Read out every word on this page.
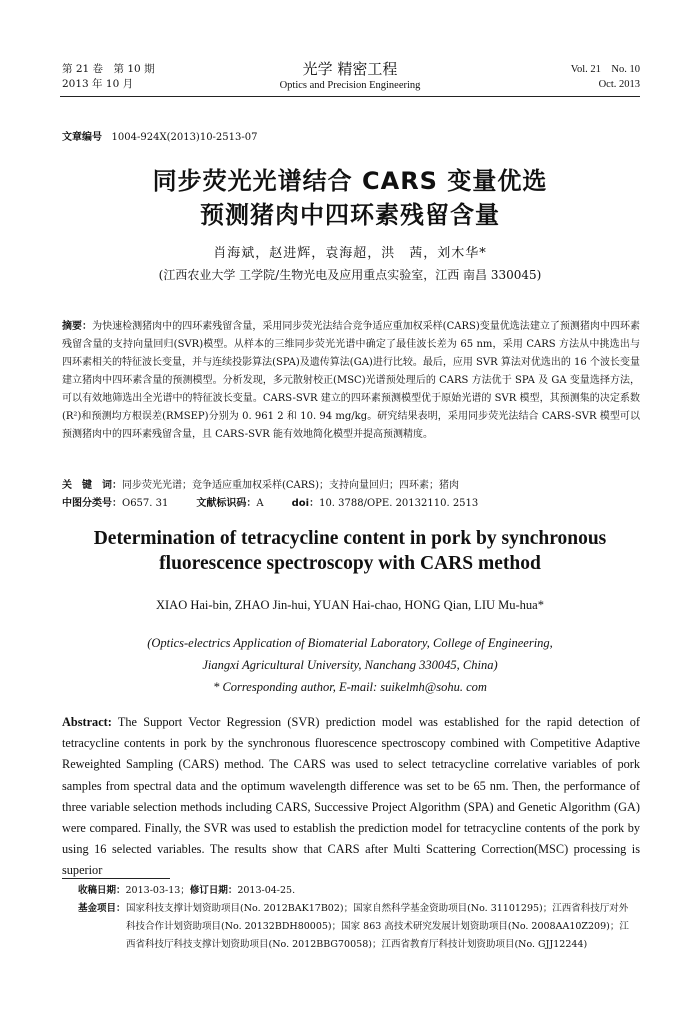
第 21 卷　第 10 期
2013 年 10 月
光学 精密工程
Optics and Precision Engineering
Vol. 21　No. 10
Oct. 2013
文章编号 1004-924X(2013)10-2513-07
同步荧光光谱结合 CARS 变量优选
预测猪肉中四环素残留含量
肖海斌，赵进辉，袁海超，洪　茜，刘木华*
(江西农业大学 工学院/生物光电及应用重点实验室，江西 南昌 330045)
摘要：为快速检测猪肉中的四环素残留含量，采用同步荧光法结合竞争适应重加权采样(CARS)变量优选法建立了预测猪肉中四环素残留含量的支持向量回归(SVR)模型。从样本的三维同步荧光光谱中确定了最佳波长差为 65 nm，采用 CARS 方法从中挑选出与四环素相关的特征波长变量，并与连续投影算法(SPA)及遗传算法(GA)进行比较。最后，应用 SVR 算法对优选出的 16 个波长变量建立猪肉中四环素含量的预测模型。分析发现，多元散射校正(MSC)光谱预处理后的 CARS 方法优于 SPA 及 GA 变量选择方法，可以有效地筛选出全光谱中的特征波长变量。CARS-SVR 建立的四环素预测模型优于原始光谱的 SVR 模型，其预测集的决定系数(R²)和预测均方根误差(RMSEP)分别为 0. 961 2 和 10. 94 mg/kg。研究结果表明，采用同步荧光法结合 CARS-SVR 模型可以预测猪肉中的四环素残留含量，且 CARS-SVR 能有效地简化模型并提高预测精度。
关　键　词：同步荧光光谱；竞争适应重加权采样(CARS)；支持向量回归；四环素；猪肉
中图分类号：O657. 31	文献标识码：A	doi：10. 3788/OPE. 20132110. 2513
Determination of tetracycline content in pork by synchronous
fluorescence spectroscopy with CARS method
XIAO Hai-bin, ZHAO Jin-hui, YUAN Hai-chao, HONG Qian, LIU Mu-hua*
(Optics-electrics Application of Biomaterial Laboratory, College of Engineering,
Jiangxi Agricultural University, Nanchang 330045, China)
* Corresponding author, E-mail: suikelmh@sohu. com
Abstract: The Support Vector Regression (SVR) prediction model was established for the rapid detection of tetracycline contents in pork by the synchronous fluorescence spectroscopy combined with Competitive Adaptive Reweighted Sampling (CARS) method. The CARS was used to select tetracycline correlative variables of pork samples from spectral data and the optimum wavelength difference was set to be 65 nm. Then, the performance of three variable selection methods including CARS, Successive Project Algorithm (SPA) and Genetic Algorithm (GA) were compared. Finally, the SVR was used to establish the prediction model for tetracycline contents of the pork by using 16 selected variables. The results show that CARS after Multi Scattering Correction(MSC) processing is superior
收稿日期：2013-03-13；修订日期：2013-04-25.
基金项目：国家科技支撑计划资助项目(No. 2012BAK17B02)；国家自然科学基金资助项目(No. 31101295)；江西省科技厅对外科技合作计划资助项目(No. 20132BDH80005)；国家 863 高技术研究发展计划资助项目(No. 2008AA10Z209)；江西省科技厅科技支撑计划资助项目(No. 2012BBG70058)；江西省教育厅科技计划资助项目(No. GJJ12244)
